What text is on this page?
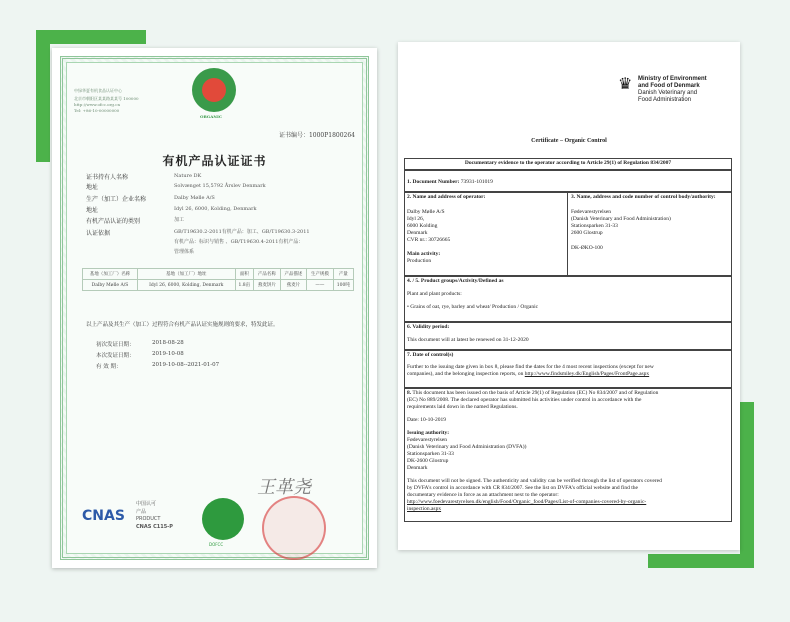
ORGANIC
中绿华夏有机食品认证中心
北京市朝阳区某某路某某号 100000
http://www.ofcc.org.cn
Tel: +86-10-00000000
证书编号：1000P1800264
有机产品认证证书
证书持有人名称	Nature DK
地址	Solvænget 15,5792 Årslev Denmark
生产（加工）企业名称	Dalby Mølle A/S
地址	Idyl 26, 6000, Kolding, Denmark
有机产品认证的类别	加工
认证依据	GB/T19630.2-2011有机产品：加工、GB/T19630.3-2011
有机产品：标识与销售 、GB/T19630.4-2011有机产品：
管理体系
基地（加工厂）名称	基地（加工厂）地址	面积	产品名称	产品描述	生产规模	产量
Dalby Mølle A/S	Idyl 26, 6000, Kolding, Denmark	1.8亩	燕麦饼片	燕麦片	——	100吨
以上产品及其生产（加工）过程符合有机产品认证实施规则的要求，特发此证。
初次发证日期：	2018-08-28
本次发证日期：	2019-10-08
有 效 期：	2019-10-08--2021-01-07
王革尧
CNAS
中国认可
产品
PRODUCT
CNAS C115-P
DOFCC
♛ Ministry of Environment
and Food of Denmark
Danish Veterinary and
Food Administration
Certificate – Organic Control
Documentary evidence to the operator according to Article 29(1) of Regulation 834/2007
1. Document Number: 73931-101019
2. Name and address of operator:
Dalby Mølle A/S
Idyl 26,
6000 Kolding
Denmark
CVR nr.: 30726665
Main activity:
Production
3. Name, address and code number of control body/authority:
Fødevarestyrelsen
(Danish Veterinary and Food Administration)
Stationsparken 31-33
2600 Glostrup
DK-ØKO-100
4. / 5. Product groups/Activity/Defined as
Plant and plant products:
• Grains of oat, rye, barley and wheat/ Production / Organic
6. Validity period:
This document will at latest be renewed on 31-12-2020
7. Date of control(s)
Further to the issuing date given in box 8, please find the dates for the 4 most recent inspections (except for new
companies), and the belonging inspection reports, on http://www.findsmiley.dk/English/Pages/FrontPage.aspx
8. This document has been issued on the basis of Article 29(1) of Regulation (EC) No 834/2007 and of Regulation
(EC) No 889/2008. The declared operator has submitted his activities under control in accordance with the
requirements laid down in the named Regulations.
Date: 10-10-2019
Issuing authority:
Fødevarestyrelsen
(Danish Veterinary and Food Administration (DVFA))
Stationsparken 31-33
DK-2600 Glostrup
Denmark
This document will not be signed. The authenticity and validity can be verified through the list of operators covered
by DVFA’s control in accordance with CR 834/2007. See the list on DVFA’s official website and find the
documentary evidence in force as an attachment next to the operator:
http://www.foedevarestyrelsen.dk/english/Food/Organic_food/Pages/List-of-companies-covered-by-organic-
inspection.aspx
